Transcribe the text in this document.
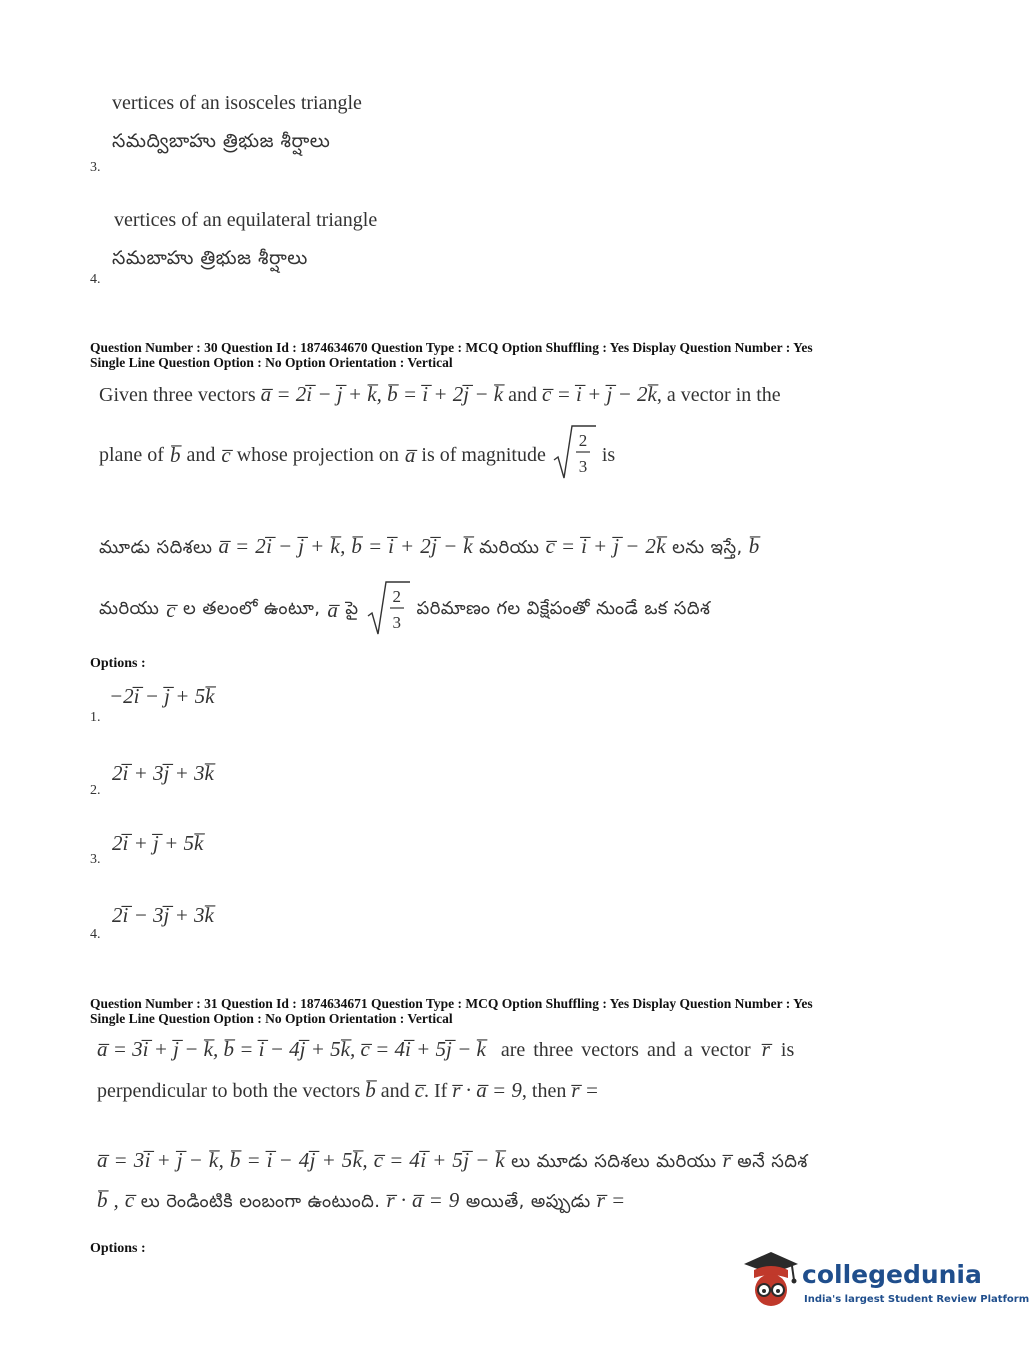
vertices of an isosceles triangle
సమద్విబాహు త్రిభుజ శీర్షాలు
3.
vertices of an equilateral triangle
సమబాహు త్రిభుజ శీర్షాలు
4.
Question Number : 30 Question Id : 1874634670 Question Type : MCQ Option Shuffling : Yes Display Question Number : Yes
Single Line Question Option : No Option Orientation : Vertical
Given three vectors a̅ = 2i̅ − j̅ + k̅, b̅ = i̅ + 2j̅ − k̅ and c̅ = i̅ + j̅ − 2k̅, a vector in the
plane of b̅ and c̅ whose projection on a̅ is of magnitude
2
3
is
మూడు సదిశలు a̅ = 2i̅ − j̅ + k̅, b̅ = i̅ + 2j̅ − k̅ మరియు c̅ = i̅ + j̅ − 2k̅ లను ఇస్తే, b̅
మరియు c̅ ల తలంలో ఉంటూ, a̅ పై
2
3
పరిమాణం గల విక్షేపంతో నుండే ఒక సదిశ
Options :
−2i̅ − j̅ + 5k̅
1.
2i̅ + 3j̅ + 3k̅
2.
2i̅ + j̅ + 5k̅
3.
2i̅ − 3j̅ + 3k̅
4.
Question Number : 31 Question Id : 1874634671 Question Type : MCQ Option Shuffling : Yes Display Question Number : Yes
Single Line Question Option : No Option Orientation : Vertical
a̅ = 3i̅ + j̅ − k̅, b̅ = i̅ − 4j̅ + 5k̅, c̅ = 4i̅ + 5j̅ − k̅ are three vectors and a vector r̅ is
perpendicular to both the vectors b̅ and c̅. If r̅ · a̅ = 9, then r̅ =
a̅ = 3i̅ + j̅ − k̅, b̅ = i̅ − 4j̅ + 5k̅, c̅ = 4i̅ + 5j̅ − k̅ లు మూడు సదిశలు మరియు r̅ అనే సదిశ
b̅ , c̅ లు రెండింటికి లంబంగా ఉంటుంది. r̅ · a̅ = 9 అయితే, అప్పుడు r̅ =
Options :
collegedunia
India's largest Student Review Platform
